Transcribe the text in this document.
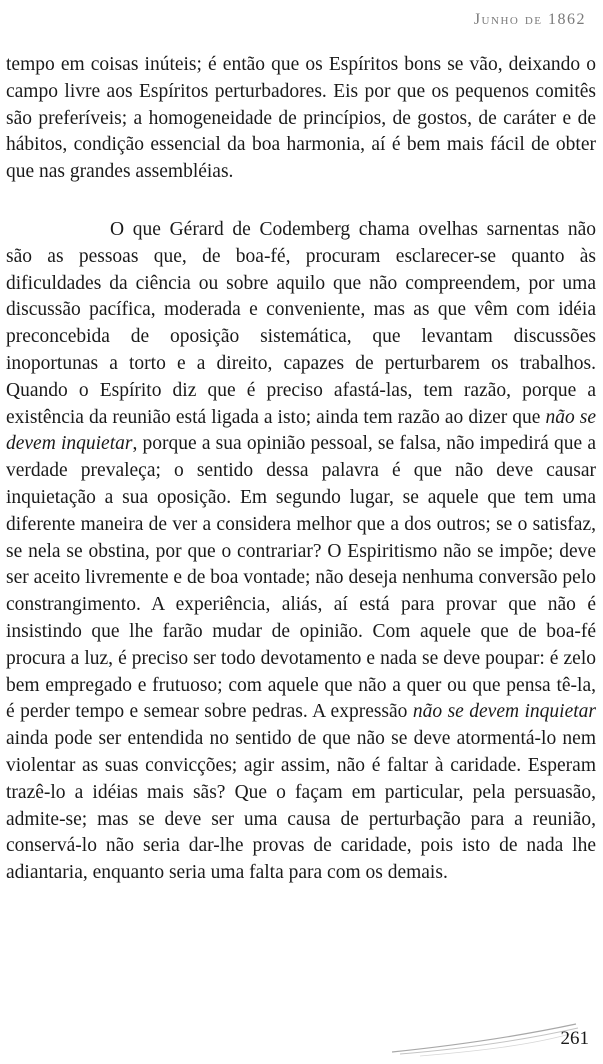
Junho de 1862

tempo em coisas inúteis; é então que os Espíritos bons se vão, deixando o campo livre aos Espíritos perturbadores. Eis por que os pequenos comitês são preferíveis; a homogeneidade de princípios, de gostos, de caráter e de hábitos, condição essencial da boa harmonia, aí é bem mais fácil de obter que nas grandes assembléias.

O que Gérard de Codemberg chama ovelhas sarnentas não são as pessoas que, de boa-fé, procuram esclarecer-se quanto às dificuldades da ciência ou sobre aquilo que não compreendem, por uma discussão pacífica, moderada e conveniente, mas as que vêm com idéia preconcebida de oposição sistemática, que levantam discussões inoportunas a torto e a direito, capazes de perturbarem os trabalhos. Quando o Espírito diz que é preciso afastá-las, tem razão, porque a existência da reunião está ligada a isto; ainda tem razão ao dizer que não se devem inquietar, porque a sua opinião pessoal, se falsa, não impedirá que a verdade prevaleça; o sentido dessa palavra é que não deve causar inquietação a sua oposição. Em segundo lugar, se aquele que tem uma diferente maneira de ver a considera melhor que a dos outros; se o satisfaz, se nela se obstina, por que o contrariar? O Espiritismo não se impõe; deve ser aceito livremente e de boa vontade; não deseja nenhuma conversão pelo constrangimento. A experiência, aliás, aí está para provar que não é insistindo que lhe farão mudar de opinião. Com aquele que de boa-fé procura a luz, é preciso ser todo devotamento e nada se deve poupar: é zelo bem empregado e frutuoso; com aquele que não a quer ou que pensa tê-la, é perder tempo e semear sobre pedras. A expressão não se devem inquietar ainda pode ser entendida no sentido de que não se deve atormentá-lo nem violentar as suas convicções; agir assim, não é faltar à caridade. Esperam trazê-lo a idéias mais sãs? Que o façam em particular, pela persuasão, admite-se; mas se deve ser uma causa de perturbação para a reunião, conservá-lo não seria dar-lhe provas de caridade, pois isto de nada lhe adiantaria, enquanto seria uma falta para com os demais.

261
